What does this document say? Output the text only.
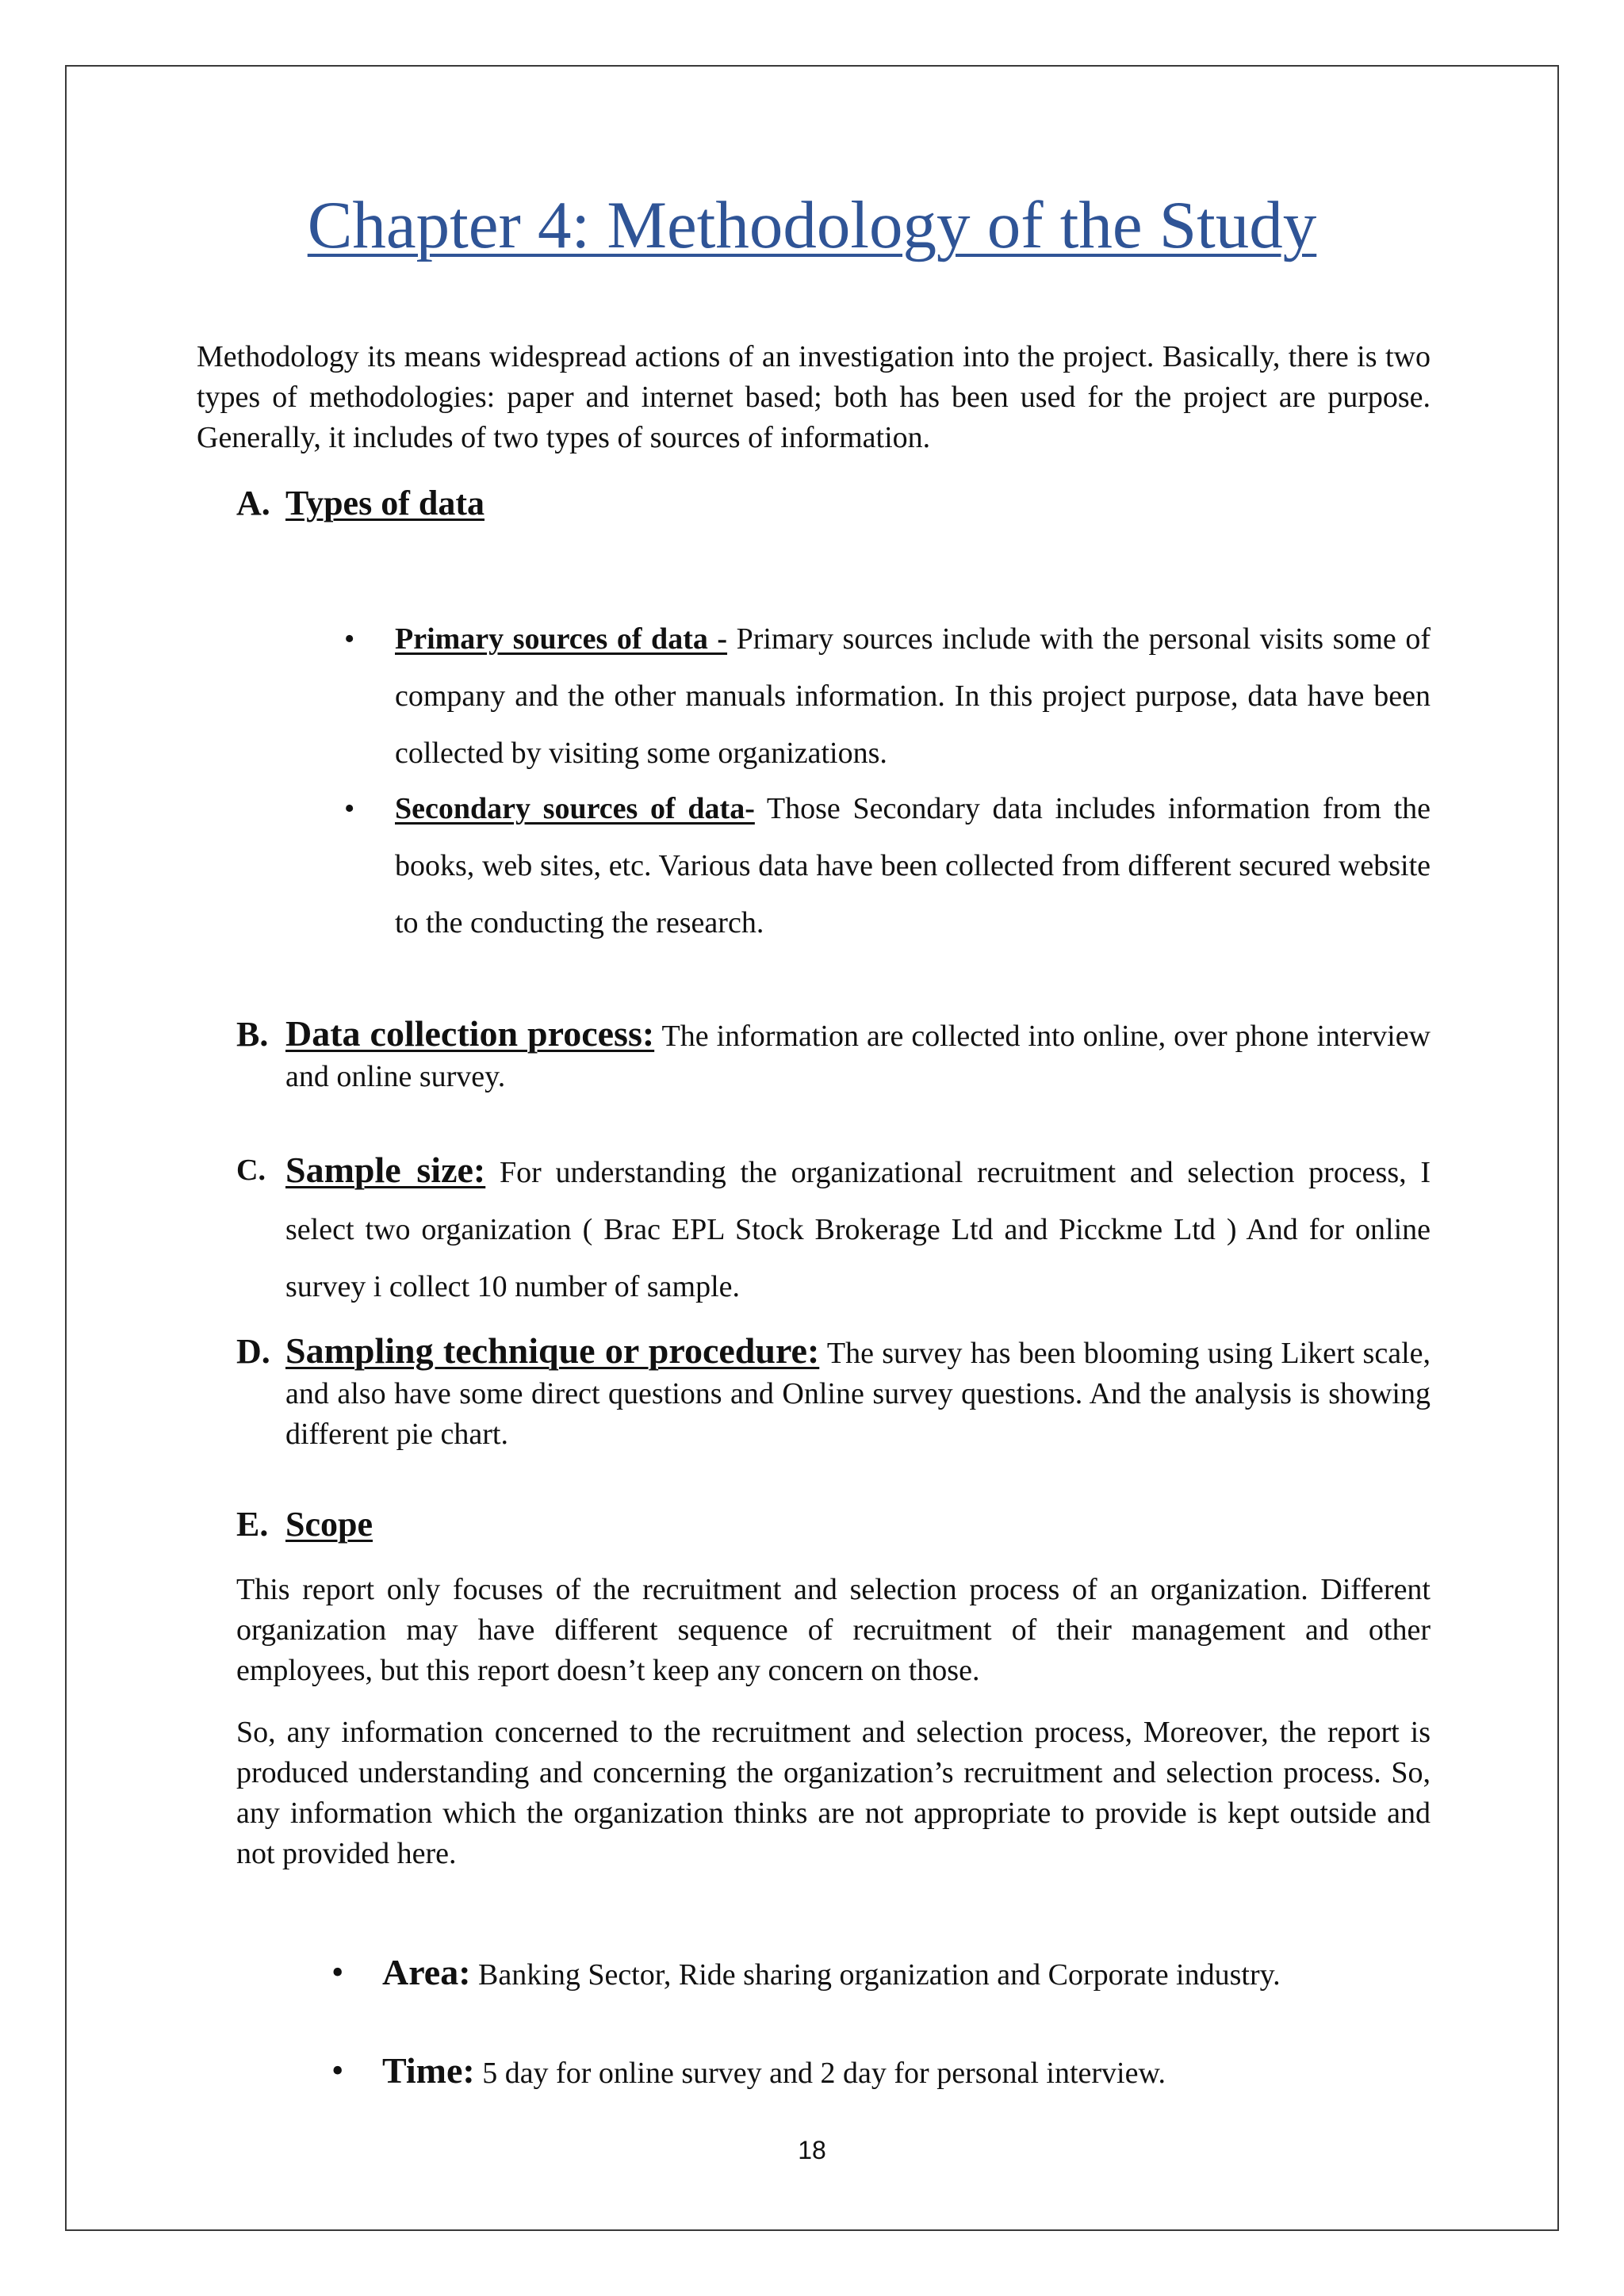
Chapter 4: Methodology of the Study
Methodology its means widespread actions of an investigation into the project. Basically, there is two types of methodologies: paper and internet based; both has been used for the project are purpose. Generally, it includes of two types of sources of information.
A. Types of data
•	Primary sources of data - Primary sources include with the personal visits some of company and the other manuals information. In this project purpose, data have been collected by visiting some organizations.
•	Secondary sources of data- Those Secondary data includes information from the books, web sites, etc. Various data have been collected from different secured website to the conducting the research.
B. Data collection process: The information are collected into online, over phone interview and online survey.
C. Sample size: For understanding the organizational recruitment and selection process, I select two organization ( Brac EPL Stock Brokerage Ltd and Picckme Ltd ) And for online survey i collect 10 number of sample.
D. Sampling technique or procedure: The survey has been blooming using Likert scale, and also have some direct questions and Online survey questions. And the analysis is showing different pie chart.
E. Scope
This report only focuses of the recruitment and selection process of an organization. Different organization may have different sequence of recruitment of their management and other employees, but this report doesn’t keep any concern on those.
So, any information concerned to the recruitment and selection process, Moreover, the report is produced understanding and concerning the organization’s recruitment and selection process. So, any information which the organization thinks are not appropriate to provide is kept outside and not provided here.
•	Area: Banking Sector, Ride sharing organization and Corporate industry.
•	Time: 5 day for online survey and 2 day for personal interview.
18
